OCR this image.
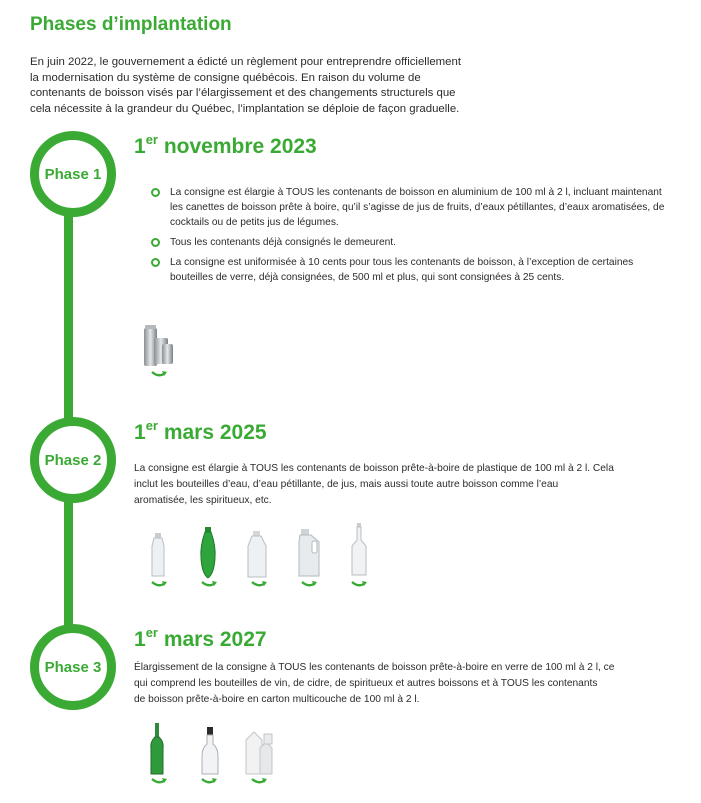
Phases d’implantation
En juin 2022, le gouvernement a édicté un règlement pour entreprendre officiellement
la modernisation du système de consigne québécois. En raison du volume de
contenants de boisson visés par l’élargissement et des changements structurels que
cela nécessite à la grandeur du Québec, l’implantation se déploie de façon graduelle.
Phase 1
1er novembre 2023
La consigne est élargie à TOUS les contenants de boisson en aluminium de 100 ml à 2 l, incluant maintenant les canettes de boisson prête à boire, qu’il s’agisse de jus de fruits, d’eaux pétillantes, d’eaux aromatisées, de cocktails ou de petits jus de légumes.
Tous les contenants déjà consignés le demeurent.
La consigne est uniformisée à 10 cents pour tous les contenants de boisson, à l’exception de certaines bouteilles de verre, déjà consignées, de 500 ml et plus, qui sont consignées à 25 cents.
Phase 2
1er mars 2025
La consigne est élargie à TOUS les contenants de boisson prête-à-boire de plastique de 100 ml à 2 l. Cela
inclut les bouteilles d’eau, d’eau pétillante, de jus, mais aussi toute autre boisson comme l’eau
aromatisée, les spiritueux, etc.
Phase 3
1er mars 2027
Élargissement de la consigne à TOUS les contenants de boisson prête-à-boire en verre de 100 ml à 2 l, ce
qui comprend les bouteilles de vin, de cidre, de spiritueux et autres boissons et à TOUS les contenants
de boisson prête-à-boire en carton multicouche de 100 ml à 2 l.
